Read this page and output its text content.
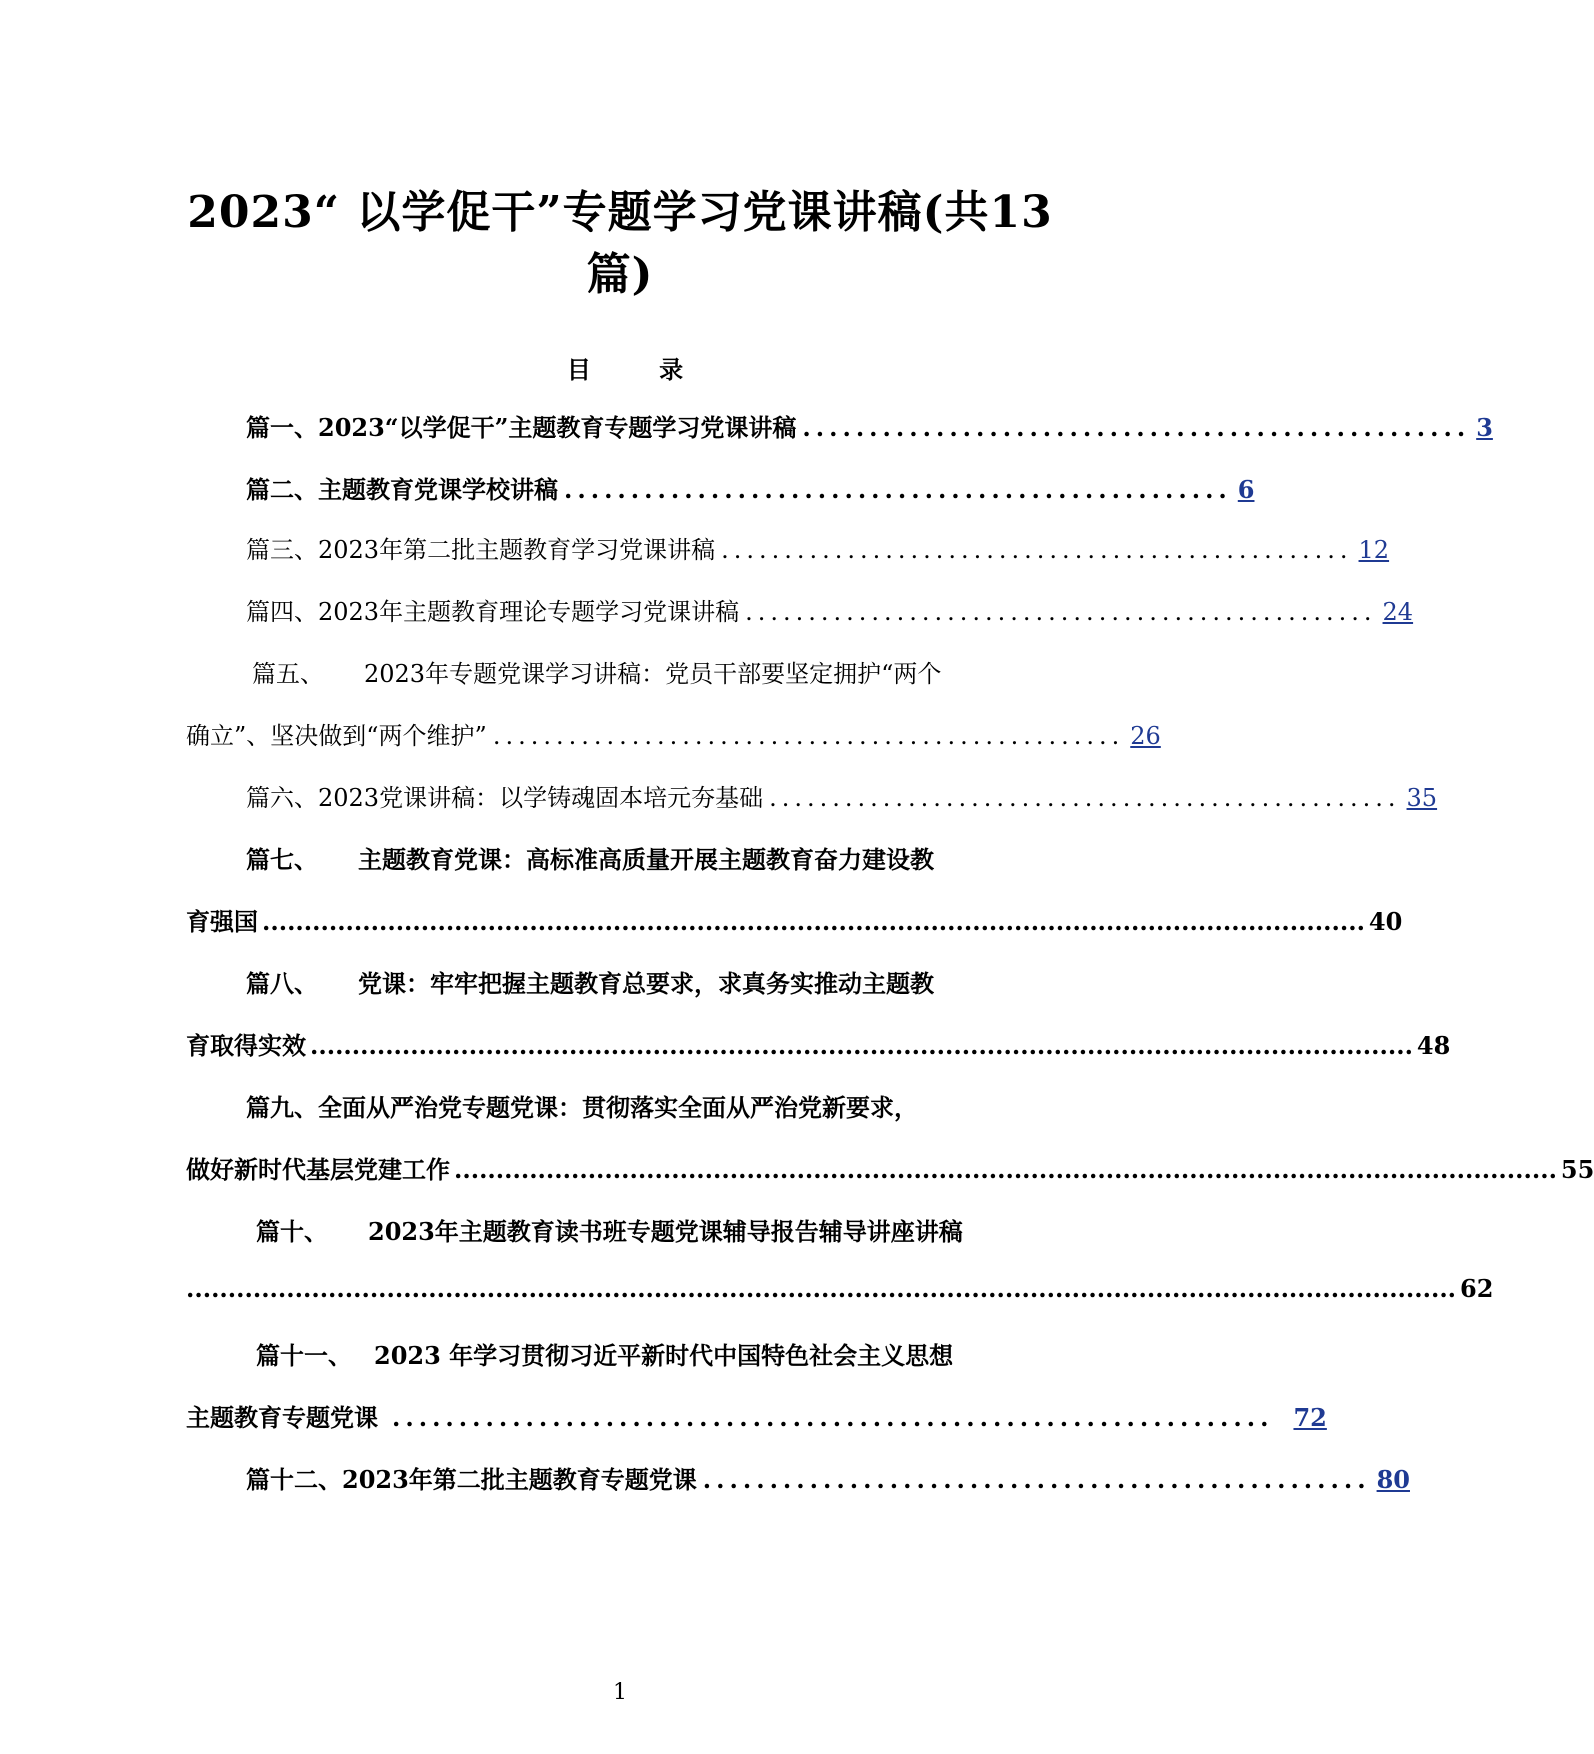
2023“ 以学促干”专题学习党课讲稿(共13
篇)
目 录
篇一、2023“以学促干”主题教育专题学习党课讲稿 .................................................. 3
篇二、 主题教育党课学校讲稿 .................................................. 6
篇三、 2023年第二批主题教育学习党课讲稿 .................................................. 12
篇四、2023年主题教育理论专题学习党课讲稿 .................................................. 24
篇五、 2023年专题党课学习讲稿：党员干部要坚定拥护“两个
确立”、坚决做到“两个维护” .................................................. 26
篇六、2023党课讲稿：以学铸魂固本培元夯基础 .................................................. 35
篇七、 主题教育党课：高标准高质量开展主题教育奋力建设教
育强国 .................................................................................................................................... 40
篇八、 党课：牢牢把握主题教育总要求，求真务实推动主题教
育取得实效 .................................................................................................................................... 48
篇九、全面从严治党专题党课：贯彻落实全面从严治党新要求，
做好新时代基层党建工作 .................................................................................................................................... 55
篇十、 2023年主题教育读书班专题党课辅导报告辅导讲座讲稿
........................................................................................................................................................ 62
篇十一、 2023 年学习贯彻习近平新时代中国特色社会主义思想
主题教育专题党课 .................................................................. 72
篇十二、2023年第二批主题教育专题党课 .................................................. 80
1
